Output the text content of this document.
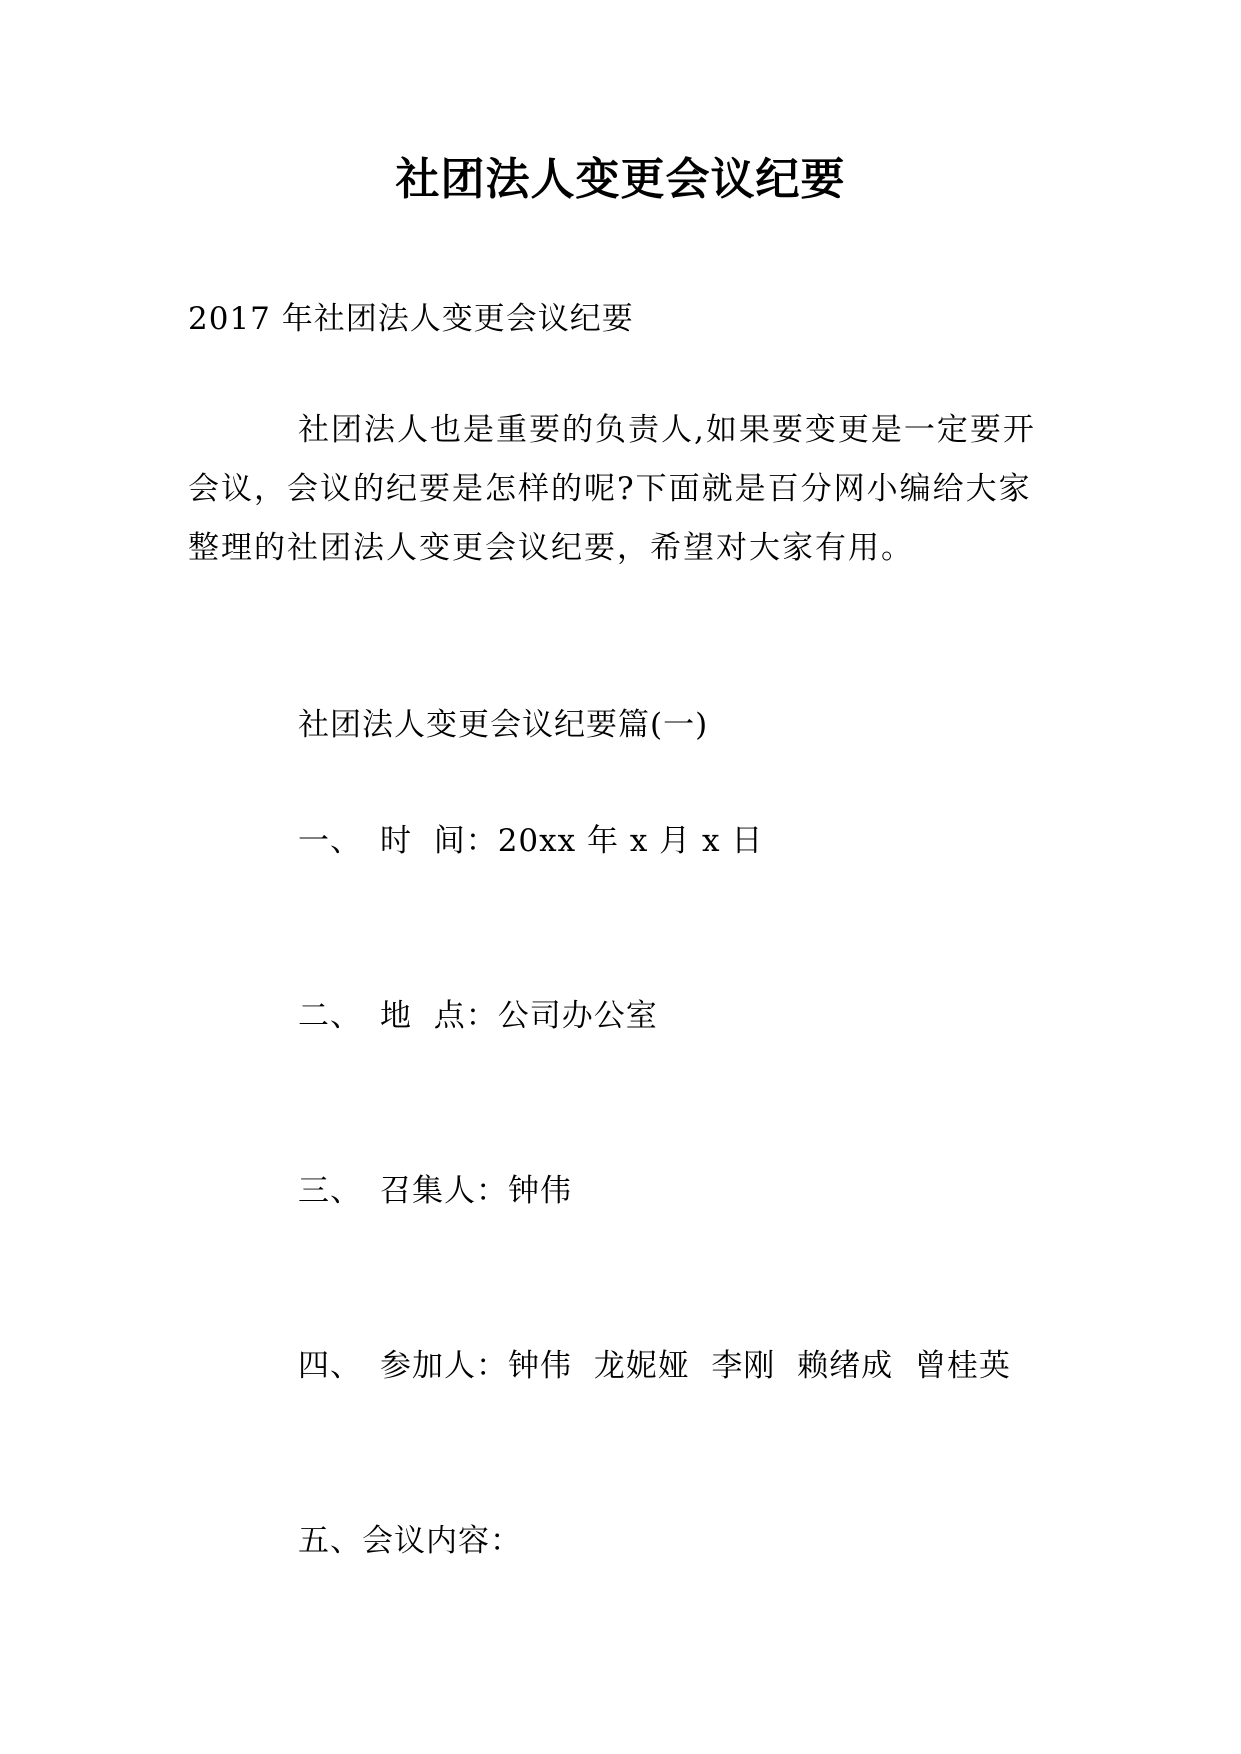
社团法人变更会议纪要
2017 年社团法人变更会议纪要
社团法人也是重要的负责人,如果要变更是一定要开
会议，会议的纪要是怎样的呢?下面就是百分网小编给大家
整理的社团法人变更会议纪要，希望对大家有用。
社团法人变更会议纪要篇(一)
一、 时  间：20xx 年 x 月 x 日
二、 地  点：公司办公室
三、 召集人：钟伟
四、 参加人：钟伟  龙妮娅  李刚  赖绪成  曾桂英
五、会议内容：
